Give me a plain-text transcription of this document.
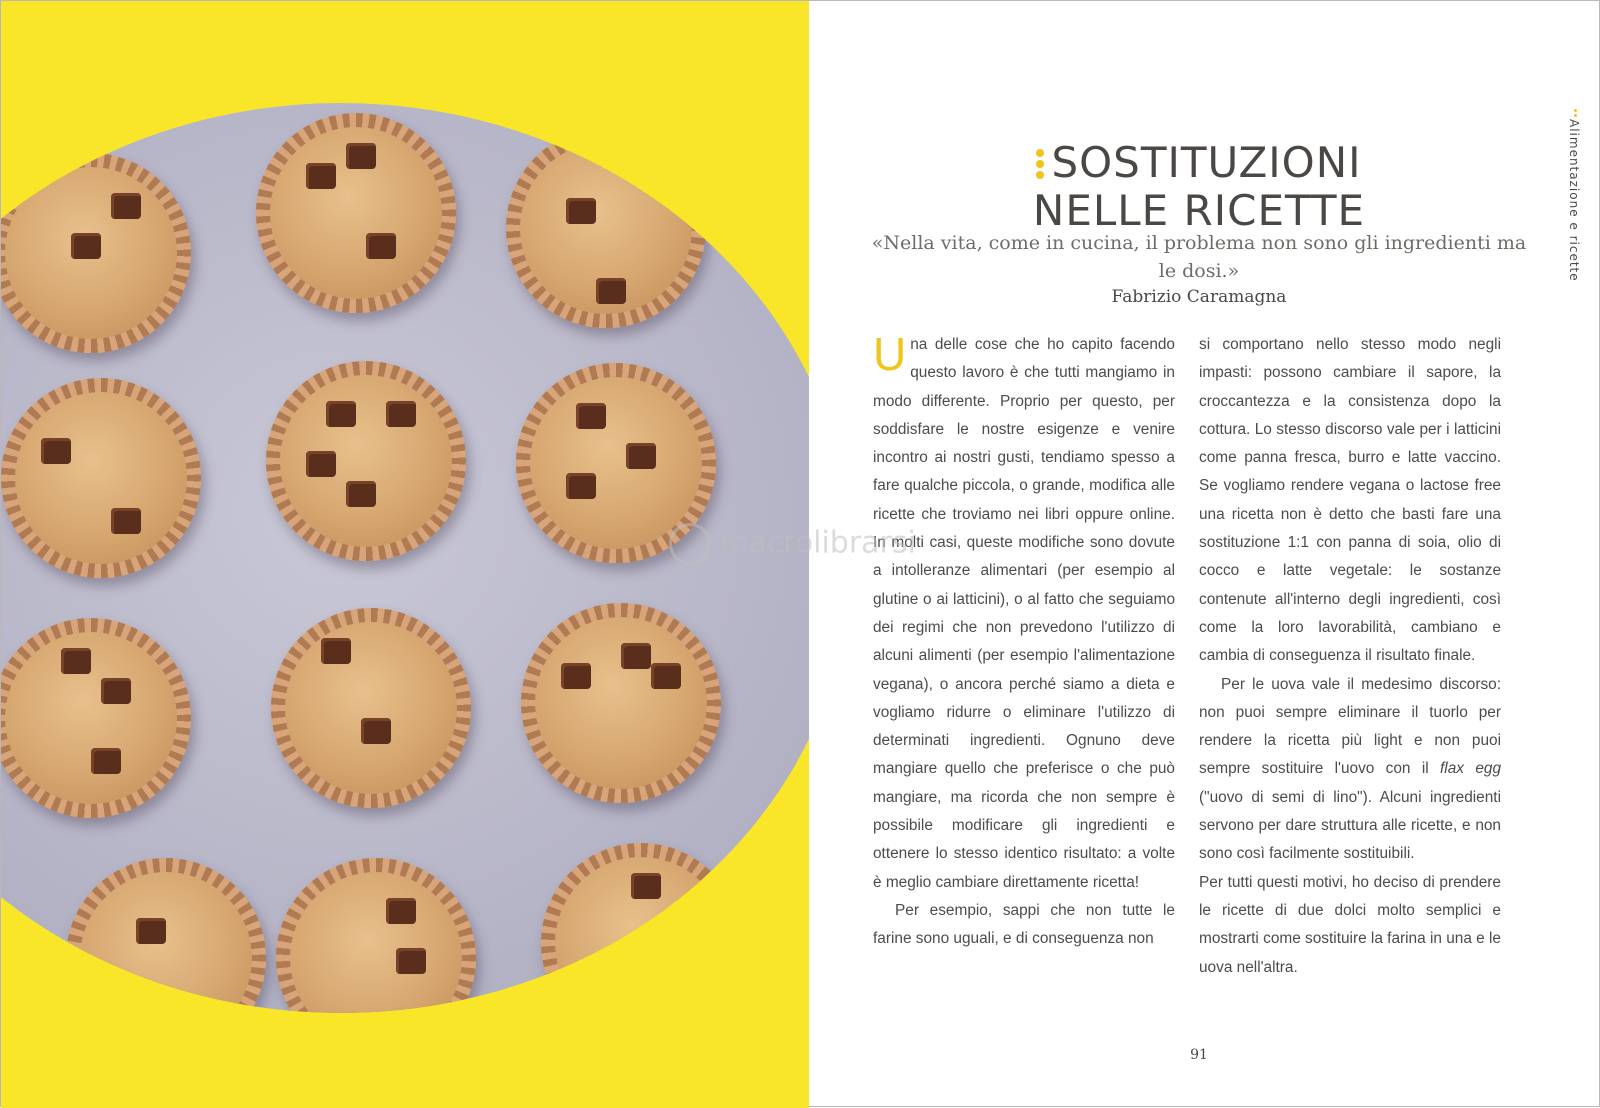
SOSTITUZIONI
NELLE RICETTE
«Nella vita, come in cucina, il problema non sono gli ingredienti ma le dosi.»
Fabrizio Caramagna

Una delle cose che ho capito facendo questo lavoro è che tutti mangiamo in modo differente. Proprio per questo, per soddisfare le nostre esigenze e venire incontro ai nostri gusti, tendiamo spesso a fare qualche piccola, o grande, modifica alle ricette che troviamo nei libri oppure online. In molti casi, queste modifiche sono dovute a intolleranze alimentari (per esempio al glutine o ai latticini), o al fatto che seguiamo dei regimi che non prevedono l'utilizzo di alcuni alimenti (per esempio l'alimentazione vegana), o ancora perché siamo a dieta e vogliamo ridurre o eliminare l'utilizzo di determinati ingredienti. Ognuno deve mangiare quello che preferisce o che può mangiare, ma ricorda che non sempre è possibile modificare gli ingredienti e ottenere lo stesso identico risultato: a volte è meglio cambiare direttamente ricetta!

Per esempio, sappi che non tutte le farine sono uguali, e di conseguenza non

si comportano nello stesso modo negli impasti: possono cambiare il sapore, la croccantezza e la consistenza dopo la cottura. Lo stesso discorso vale per i latticini come panna fresca, burro e latte vaccino. Se vogliamo rendere vegana o lactose free una ricetta non è detto che basti fare una sostituzione 1:1 con panna di soia, olio di cocco e latte vegetale: le sostanze contenute all'interno degli ingredienti, così come la loro lavorabilità, cambiano e cambia di conseguenza il risultato finale.

Per le uova vale il medesimo discorso: non puoi sempre eliminare il tuorlo per rendere la ricetta più light e non puoi sempre sostituire l'uovo con il flax egg ("uovo di semi di lino"). Alcuni ingredienti servono per dare struttura alle ricette, e non sono così facilmente sostituibili.

Per tutti questi motivi, ho deciso di prendere le ricette di due dolci molto semplici e mostrarti come sostituire la farina in una e le uova nell'altra.

Alimentazione e ricette
91
macrolibrarsi
